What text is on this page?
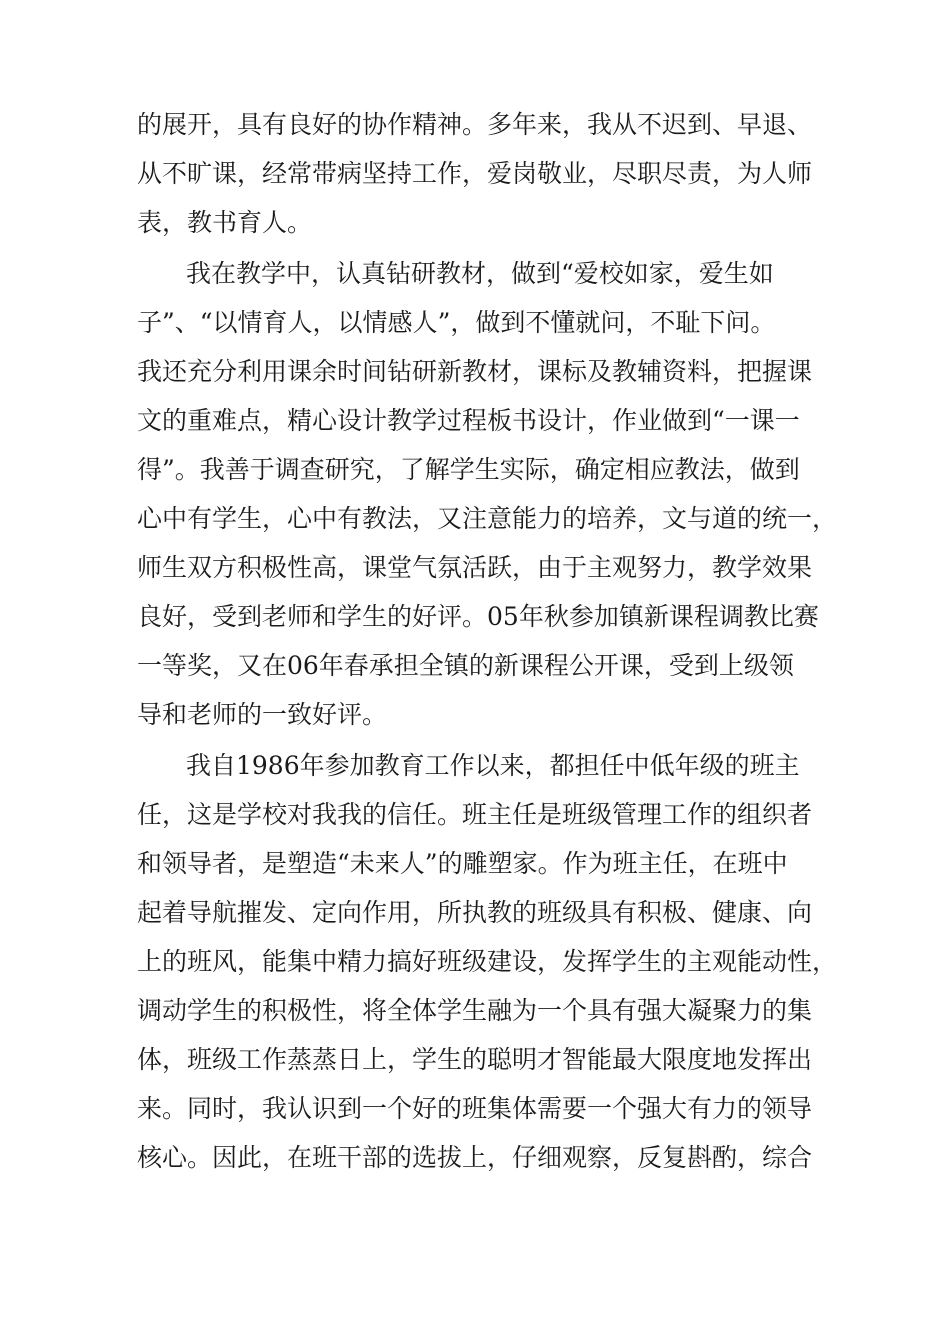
的展开，具有良好的协作精神。多年来，我从不迟到、早退、
从不旷课，经常带病坚持工作，爱岗敬业，尽职尽责，为人师
表，教书育人。
我在教学中，认真钻研教材，做到“爱校如家，爱生如
子”、“以情育人，以情感人”，做到不懂就问，不耻下问。
我还充分利用课余时间钻研新教材，课标及教辅资料，把握课
文的重难点，精心设计教学过程板书设计，作业做到“一课一
得”。我善于调查研究，了解学生实际，确定相应教法，做到
心中有学生，心中有教法，又注意能力的培养，文与道的统一，
师生双方积极性高，课堂气氛活跃，由于主观努力，教学效果
良好，受到老师和学生的好评。05年秋参加镇新课程调教比赛
一等奖，又在06年春承担全镇的新课程公开课，受到上级领
导和老师的一致好评。
我自1986年参加教育工作以来，都担任中低年级的班主
任，这是学校对我我的信任。班主任是班级管理工作的组织者
和领导者，是塑造“未来人”的雕塑家。作为班主任，在班中
起着导航摧发、定向作用，所执教的班级具有积极、健康、向
上的班风，能集中精力搞好班级建设，发挥学生的主观能动性，
调动学生的积极性，将全体学生融为一个具有强大凝聚力的集
体，班级工作蒸蒸日上，学生的聪明才智能最大限度地发挥出
来。同时，我认识到一个好的班集体需要一个强大有力的领导
核心。因此，在班干部的选拔上，仔细观察，反复斟酌，综合
